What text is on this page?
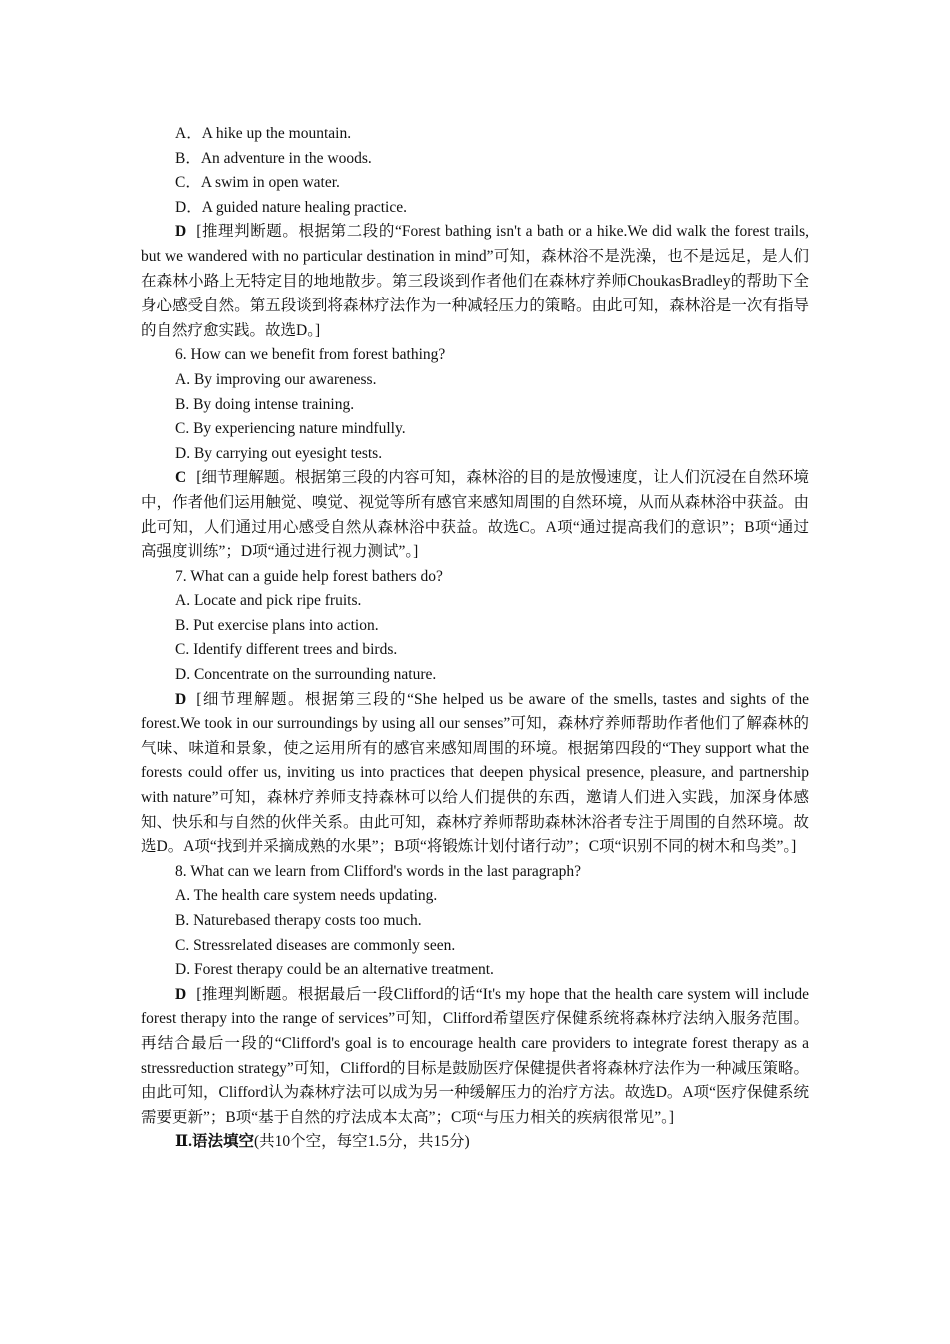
A．A hike up the mountain.
B．An adventure in the woods.
C．A swim in open water.
D．A guided nature healing practice.
D [推理判断题。根据第二段的“Forest bathing isn't a bath or a hike.We did walk the forest trails, but we wandered with no particular destination in mind”可知，森林浴不是洗澡，也不是远足，是人们在森林小路上无特定目的地地散步。第三段谈到作者他们在森林疗养师ChoukasBradley的帮助下全身心感受自然。第五段谈到将森林疗法作为一种减轻压力的策略。由此可知，森林浴是一次有指导的自然疗愈实践。故选D。]
6. How can we benefit from forest bathing?
A. By improving our awareness.
B. By doing intense training.
C. By experiencing nature mindfully.
D. By carrying out eyesight tests.
C [细节理解题。根据第三段的内容可知，森林浴的目的是放慢速度，让人们沉浸在自然环境中，作者他们运用触觉、嗅觉、视觉等所有感官来感知周围的自然环境，从而从森林浴中获益。由此可知，人们通过用心感受自然从森林浴中获益。故选C。A项“通过提高我们的意识”；B项“通过高强度训练”；D项“通过进行视力测试”。]
7. What can a guide help forest bathers do?
A. Locate and pick ripe fruits.
B. Put exercise plans into action.
C. Identify different trees and birds.
D. Concentrate on the surrounding nature.
D [细节理解题。根据第三段的“She helped us be aware of the smells, tastes and sights of the forest.We took in our surroundings by using all our senses”可知，森林疗养师帮助作者他们了解森林的气味、味道和景象，使之运用所有的感官来感知周围的环境。根据第四段的“They support what the forests could offer us, inviting us into practices that deepen physical presence, pleasure, and partnership with nature”可知，森林疗养师支持森林可以给人们提供的东西，邀请人们进入实践，加深身体感知、快乐和与自然的伙伴关系。由此可知，森林疗养师帮助森林沐浴者专注于周围的自然环境。故选D。A项“找到并采摘成熟的水果”；B项“将锻炼计划付诸行动”；C项“识别不同的树木和鸟类”。]
8. What can we learn from Clifford's words in the last paragraph?
A. The health care system needs updating.
B. Naturebased therapy costs too much.
C. Stressrelated diseases are commonly seen.
D. Forest therapy could be an alternative treatment.
D [推理判断题。根据最后一段Clifford的话“It's my hope that the health care system will include forest therapy into the range of services”可知，Clifford希望医疗保健系统将森林疗法纳入服务范围。再结合最后一段的“Clifford's goal is to encourage health care providers to integrate forest therapy as a stressreduction strategy”可知，Clifford的目标是鼓励医疗保健提供者将森林疗法作为一种减压策略。由此可知，Clifford认为森林疗法可以成为另一种缓解压力的治疗方法。故选D。A项“医疗保健系统需要更新”；B项“基于自然的疗法成本太高”；C项“与压力相关的疾病很常见”。]
Ⅱ.语法填空(共10个空，每空1.5分，共15分)
